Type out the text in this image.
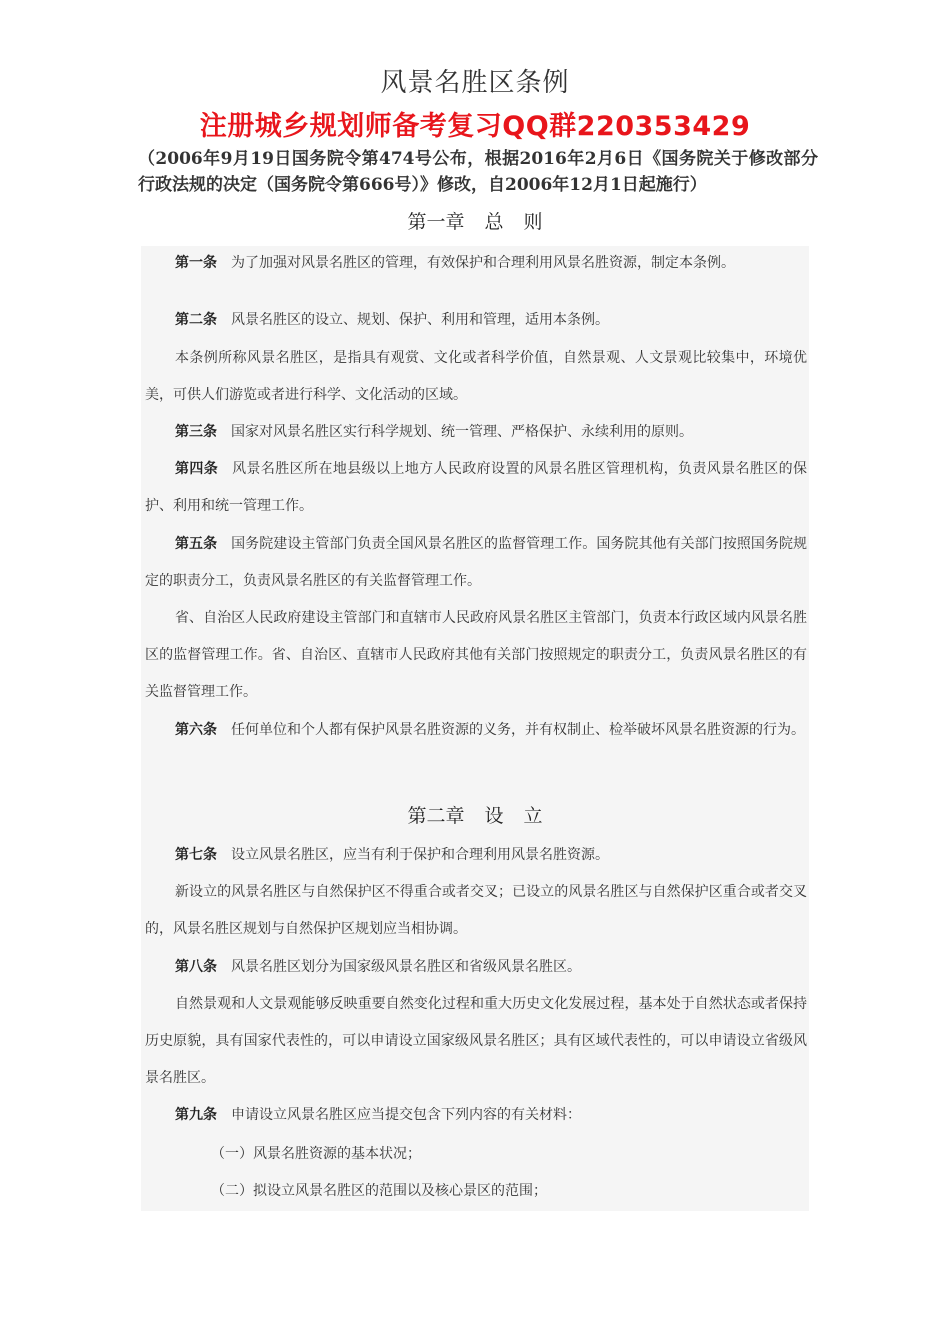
风景名胜区条例
注册城乡规划师备考复习QQ群220353429
（2006年9月19日国务院令第474号公布，根据2016年2月6日《国务院关于修改部分行政法规的决定（国务院令第666号）》修改，自2006年12月1日起施行）
第一章 总 则
第一条 为了加强对风景名胜区的管理，有效保护和合理利用风景名胜资源，制定本条例。
第二条 风景名胜区的设立、规划、保护、利用和管理，适用本条例。
本条例所称风景名胜区，是指具有观赏、文化或者科学价值，自然景观、人文景观比较集中，环境优美，可供人们游览或者进行科学、文化活动的区域。
第三条 国家对风景名胜区实行科学规划、统一管理、严格保护、永续利用的原则。
第四条 风景名胜区所在地县级以上地方人民政府设置的风景名胜区管理机构，负责风景名胜区的保护、利用和统一管理工作。
第五条 国务院建设主管部门负责全国风景名胜区的监督管理工作。国务院其他有关部门按照国务院规定的职责分工，负责风景名胜区的有关监督管理工作。
省、自治区人民政府建设主管部门和直辖市人民政府风景名胜区主管部门，负责本行政区域内风景名胜区的监督管理工作。省、自治区、直辖市人民政府其他有关部门按照规定的职责分工，负责风景名胜区的有关监督管理工作。
第六条 任何单位和个人都有保护风景名胜资源的义务，并有权制止、检举破坏风景名胜资源的行为。
第二章 设 立
第七条 设立风景名胜区，应当有利于保护和合理利用风景名胜资源。
新设立的风景名胜区与自然保护区不得重合或者交叉；已设立的风景名胜区与自然保护区重合或者交叉的，风景名胜区规划与自然保护区规划应当相协调。
第八条 风景名胜区划分为国家级风景名胜区和省级风景名胜区。
自然景观和人文景观能够反映重要自然变化过程和重大历史文化发展过程，基本处于自然状态或者保持历史原貌，具有国家代表性的，可以申请设立国家级风景名胜区；具有区域代表性的，可以申请设立省级风景名胜区。
第九条 申请设立风景名胜区应当提交包含下列内容的有关材料：
（一）风景名胜资源的基本状况；
（二）拟设立风景名胜区的范围以及核心景区的范围；
